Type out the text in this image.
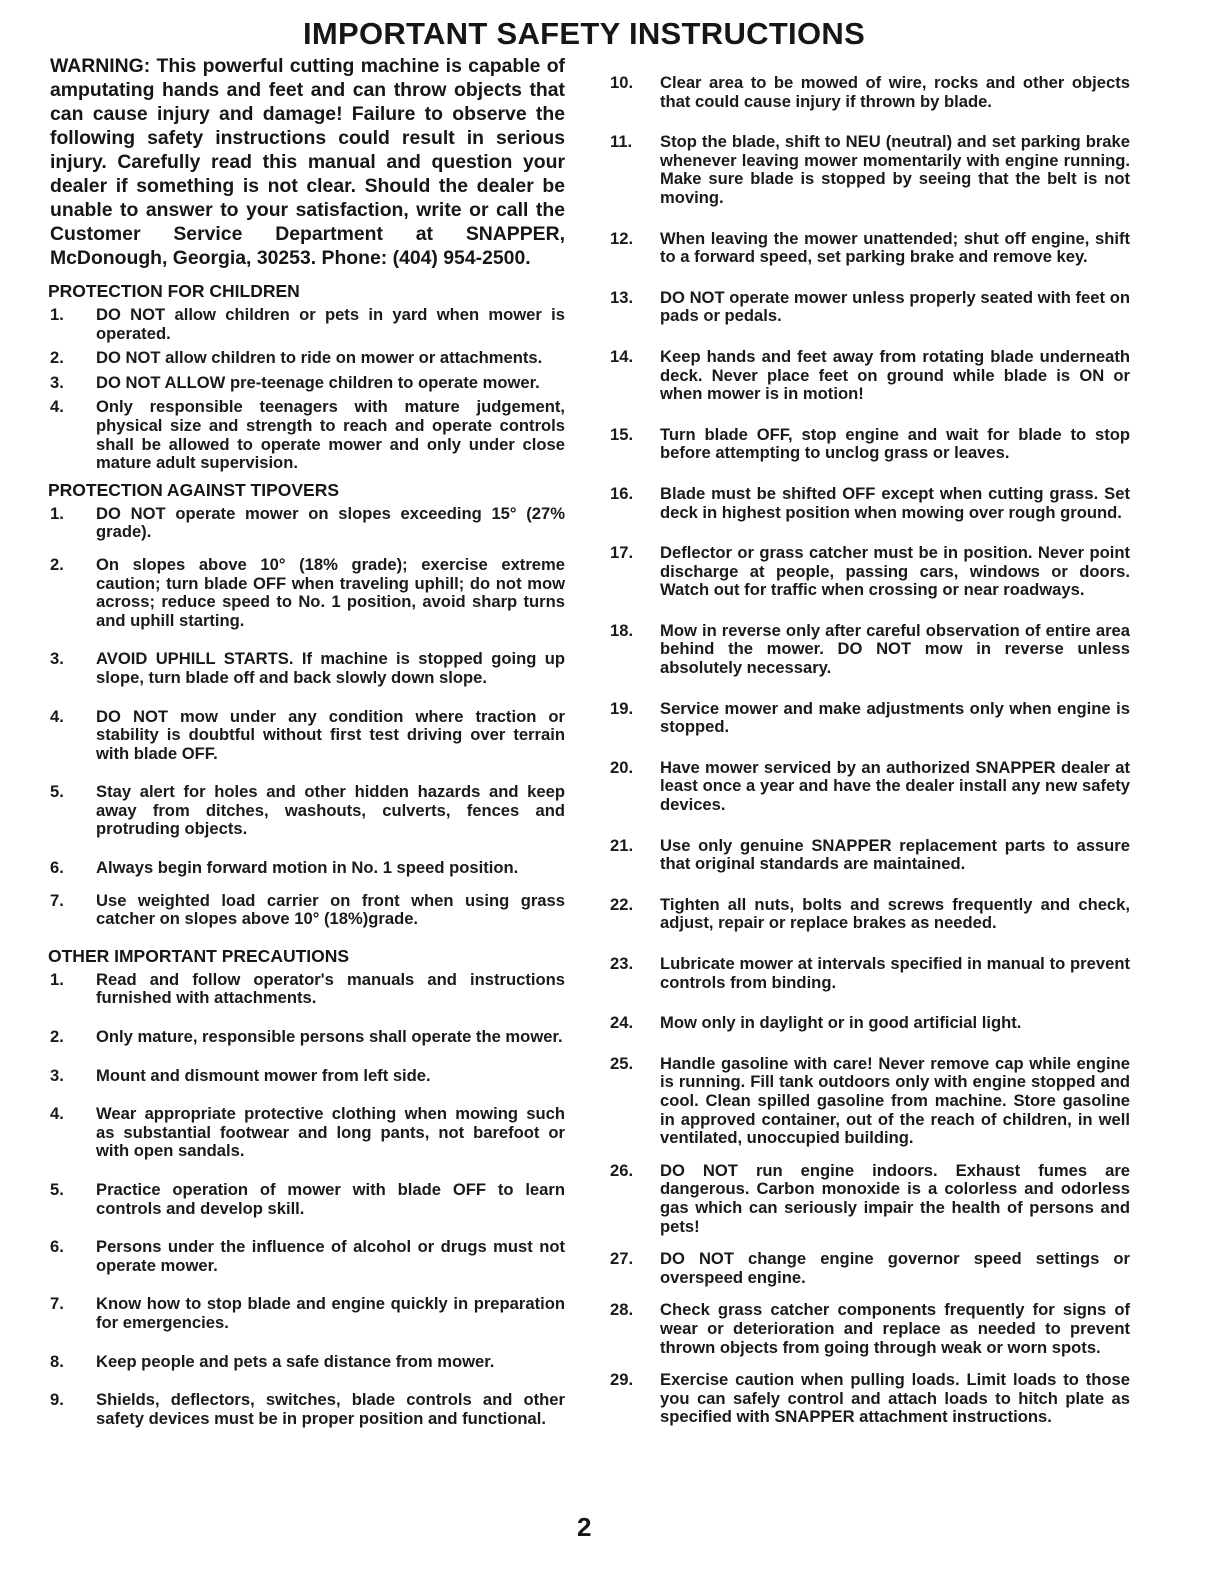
IMPORTANT SAFETY INSTRUCTIONS

WARNING: This powerful cutting machine is capable of amputating hands and feet and can throw objects that can cause injury and damage! Failure to observe the following safety instructions could result in serious injury. Carefully read this manual and question your dealer if something is not clear. Should the dealer be unable to answer to your satisfaction, write or call the Customer Service Department at SNAPPER, McDonough, Georgia, 30253. Phone: (404) 954-2500.

PROTECTION FOR CHILDREN
1.	DO NOT allow children or pets in yard when mower is operated.
2.	DO NOT allow children to ride on mower or attachments.
3.	DO NOT ALLOW pre-teenage children to operate mower.
4.	Only responsible teenagers with mature judgement, physical size and strength to reach and operate controls shall be allowed to operate mower and only under close mature adult supervision.
PROTECTION AGAINST TIPOVERS
1.	DO NOT operate mower on slopes exceeding 15° (27% grade).
2.	On slopes above 10° (18% grade); exercise extreme caution; turn blade OFF when traveling uphill; do not mow across; reduce speed to No. 1 position, avoid sharp turns and uphill starting.
3.	AVOID UPHILL STARTS. If machine is stopped going up slope, turn blade off and back slowly down slope.
4.	DO NOT mow under any condition where traction or stability is doubtful without first test driving over terrain with blade OFF.
5.	Stay alert for holes and other hidden hazards and keep away from ditches, washouts, culverts, fences and protruding objects.
6.	Always begin forward motion in No. 1 speed position.
7.	Use weighted load carrier on front when using grass catcher on slopes above 10° (18%)grade.
OTHER IMPORTANT PRECAUTIONS
1.	Read and follow operator's manuals and instructions furnished with attachments.
2.	Only mature, responsible persons shall operate the mower.
3.	Mount and dismount mower from left side.
4.	Wear appropriate protective clothing when mowing such as substantial footwear and long pants, not barefoot or with open sandals.
5.	Practice operation of mower with blade OFF to learn controls and develop skill.
6.	Persons under the influence of alcohol or drugs must not operate mower.
7.	Know how to stop blade and engine quickly in preparation for emergencies.
8.	Keep people and pets a safe distance from mower.
9.	Shields, deflectors, switches, blade controls and other safety devices must be in proper position and functional.
10.	Clear area to be mowed of wire, rocks and other objects that could cause injury if thrown by blade.
11.	Stop the blade, shift to NEU (neutral) and set parking brake whenever leaving mower momentarily with engine running. Make sure blade is stopped by seeing that the belt is not moving.
12.	When leaving the mower unattended; shut off engine, shift to a forward speed, set parking brake and remove key.
13.	DO NOT operate mower unless properly seated with feet on pads or pedals.
14.	Keep hands and feet away from rotating blade underneath deck. Never place feet on ground while blade is ON or when mower is in motion!
15.	Turn blade OFF, stop engine and wait for blade to stop before attempting to unclog grass or leaves.
16.	Blade must be shifted OFF except when cutting grass. Set deck in highest position when mowing over rough ground.
17.	Deflector or grass catcher must be in position. Never point discharge at people, passing cars, windows or doors. Watch out for traffic when crossing or near roadways.
18.	Mow in reverse only after careful observation of entire area behind the mower. DO NOT mow in reverse unless absolutely necessary.
19.	Service mower and make adjustments only when engine is stopped.
20.	Have mower serviced by an authorized SNAPPER dealer at least once a year and have the dealer install any new safety devices.
21.	Use only genuine SNAPPER replacement parts to assure that original standards are maintained.
22.	Tighten all nuts, bolts and screws frequently and check, adjust, repair or replace brakes as needed.
23.	Lubricate mower at intervals specified in manual to prevent controls from binding.
24.	Mow only in daylight or in good artificial light.
25.	Handle gasoline with care! Never remove cap while engine is running. Fill tank outdoors only with engine stopped and cool. Clean spilled gasoline from machine. Store gasoline in approved container, out of the reach of children, in well ventilated, unoccupied building.
26.	DO NOT run engine indoors. Exhaust fumes are dangerous. Carbon monoxide is a colorless and odorless gas which can seriously impair the health of persons and pets!
27.	DO NOT change engine governor speed settings or overspeed engine.
28.	Check grass catcher components frequently for signs of wear or deterioration and replace as needed to prevent thrown objects from going through weak or worn spots.
29.	Exercise caution when pulling loads. Limit loads to those you can safely control and attach loads to hitch plate as specified with SNAPPER attachment instructions.
2
